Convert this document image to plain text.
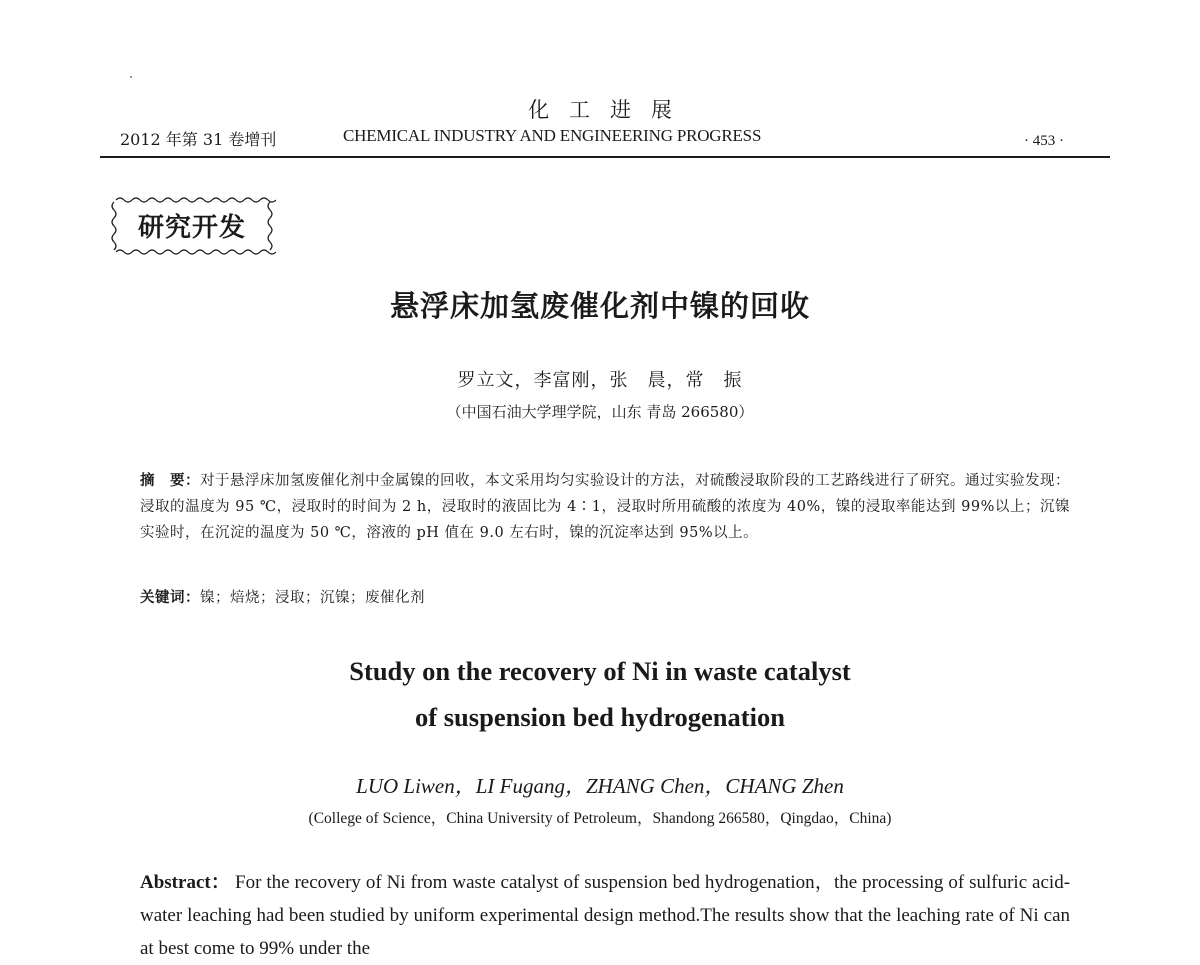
化工进展
2012 年第 31 卷增刊	CHEMICAL INDUSTRY AND ENGINEERING PROGRESS	· 453 ·
研究开发
悬浮床加氢废催化剂中镍的回收
罗立文，李富刚，张　晨，常　振
（中国石油大学理学院，山东 青岛 266580）
摘　要：对于悬浮床加氢废催化剂中金属镍的回收，本文采用均匀实验设计的方法，对硫酸浸取阶段的工艺路线进行了研究。通过实验发现：浸取的温度为 95 ℃，浸取时的时间为 2 h，浸取时的液固比为 4∶1，浸取时所用硫酸的浓度为 40%，镍的浸取率能达到 99%以上；沉镍实验时，在沉淀的温度为 50 ℃，溶液的 pH 值在 9.0 左右时，镍的沉淀率达到 95%以上。
关键词：镍；焙烧；浸取；沉镍；废催化剂
Study on the recovery of Ni in waste catalyst
of suspension bed hydrogenation
LUO Liwen，LI Fugang，ZHANG Chen，CHANG Zhen
(College of Science，China University of Petroleum，Shandong 266580，Qingdao，China)
Abstract： For the recovery of Ni from waste catalyst of suspension bed hydrogenation，the processing of sulfuric acid-water leaching had been studied by uniform experimental design method.The results show that the leaching rate of Ni can at best come to 99% under the
